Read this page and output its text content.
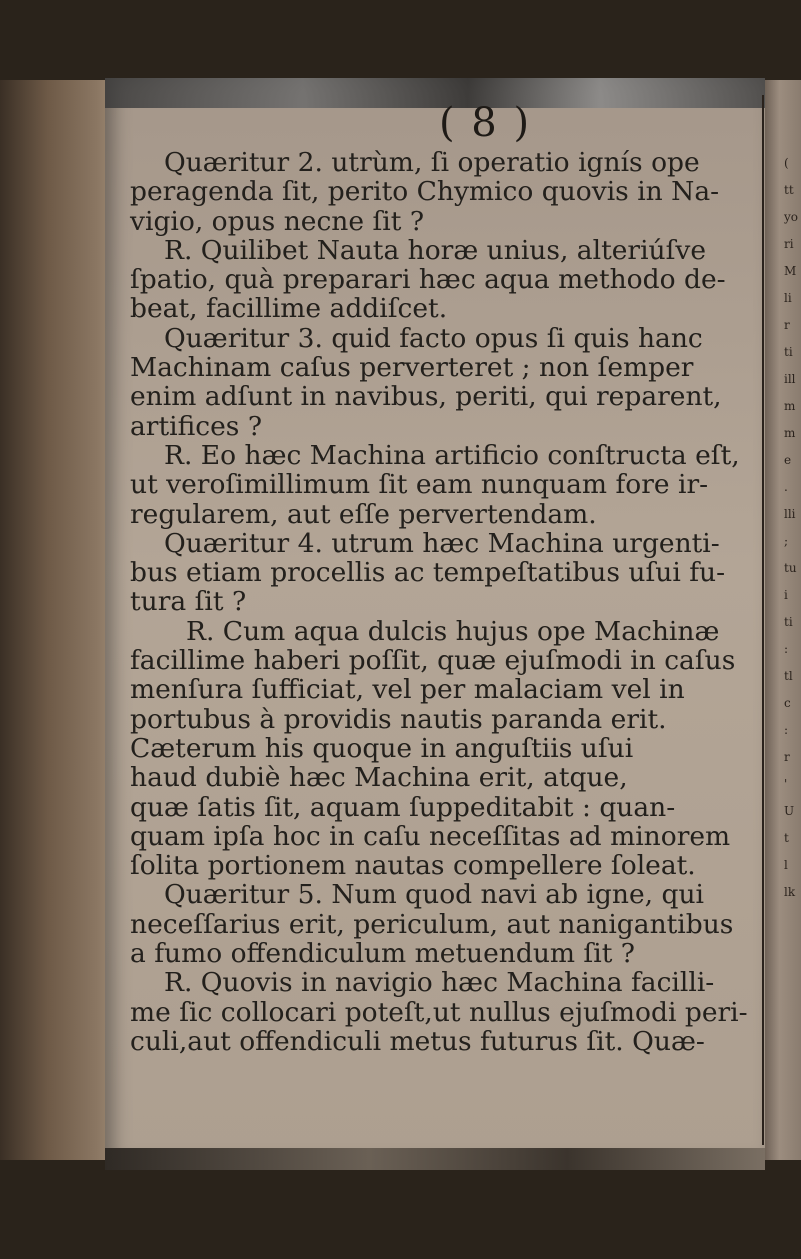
( 8 )

Quæritur 2. utrùm, ſi operatio ignís ope

peragenda ſit, perito Chymico quovis in Na-

vigio, opus necne ſit ?

R. Quilibet Nauta horæ unius, alteriúſve

ſpatio, quà preparari hæc aqua methodo de-

beat, facillime addiſcet.

Quæritur 3. quid facto opus ſi quis hanc

Machinam caſus perverteret ; non ſemper

enim adſunt in navibus, periti, qui reparent,

artifices ?

R. Eo hæc Machina artificio conſtructa eſt,

ut veroſimillimum ſit eam nunquam fore ir-

regularem, aut eſſe pervertendam.

Quæritur 4. utrum hæc Machina urgenti-

bus etiam procellis ac tempeſtatibus uſui fu-

tura ſit ?

R. Cum aqua dulcis hujus ope Machinæ

facillime haberi poſſit, quæ ejuſmodi in caſus

menſura ſufficiat, vel per malaciam vel in

portubus à providis nautis paranda erit.

Cæterum his quoque in anguſtiis uſui

haud dubiè hæc Machina erit, atque,

quæ ſatis ſit, aquam ſuppeditabit : quan-

quam ipſa hoc in caſu neceſſitas ad minorem

ſolita portionem nautas compellere ſoleat.

Quæritur 5. Num quod navi ab igne, qui

neceſſarius erit, periculum, aut nanigantibus

a fumo offendiculum metuendum ſit ?

R. Quovis in navigio hæc Machina facilli-

me ſic collocari poteſt,ut nullus ejuſmodi peri-

culi,aut offendiculi metus futurus ſit. Quæ-

(
tt
yo
ri
M
li
r
ti
ill
m
m
e
.
lli
;
tu
i
ti
:
tl
c
:
r
'
U
t
l
lk
